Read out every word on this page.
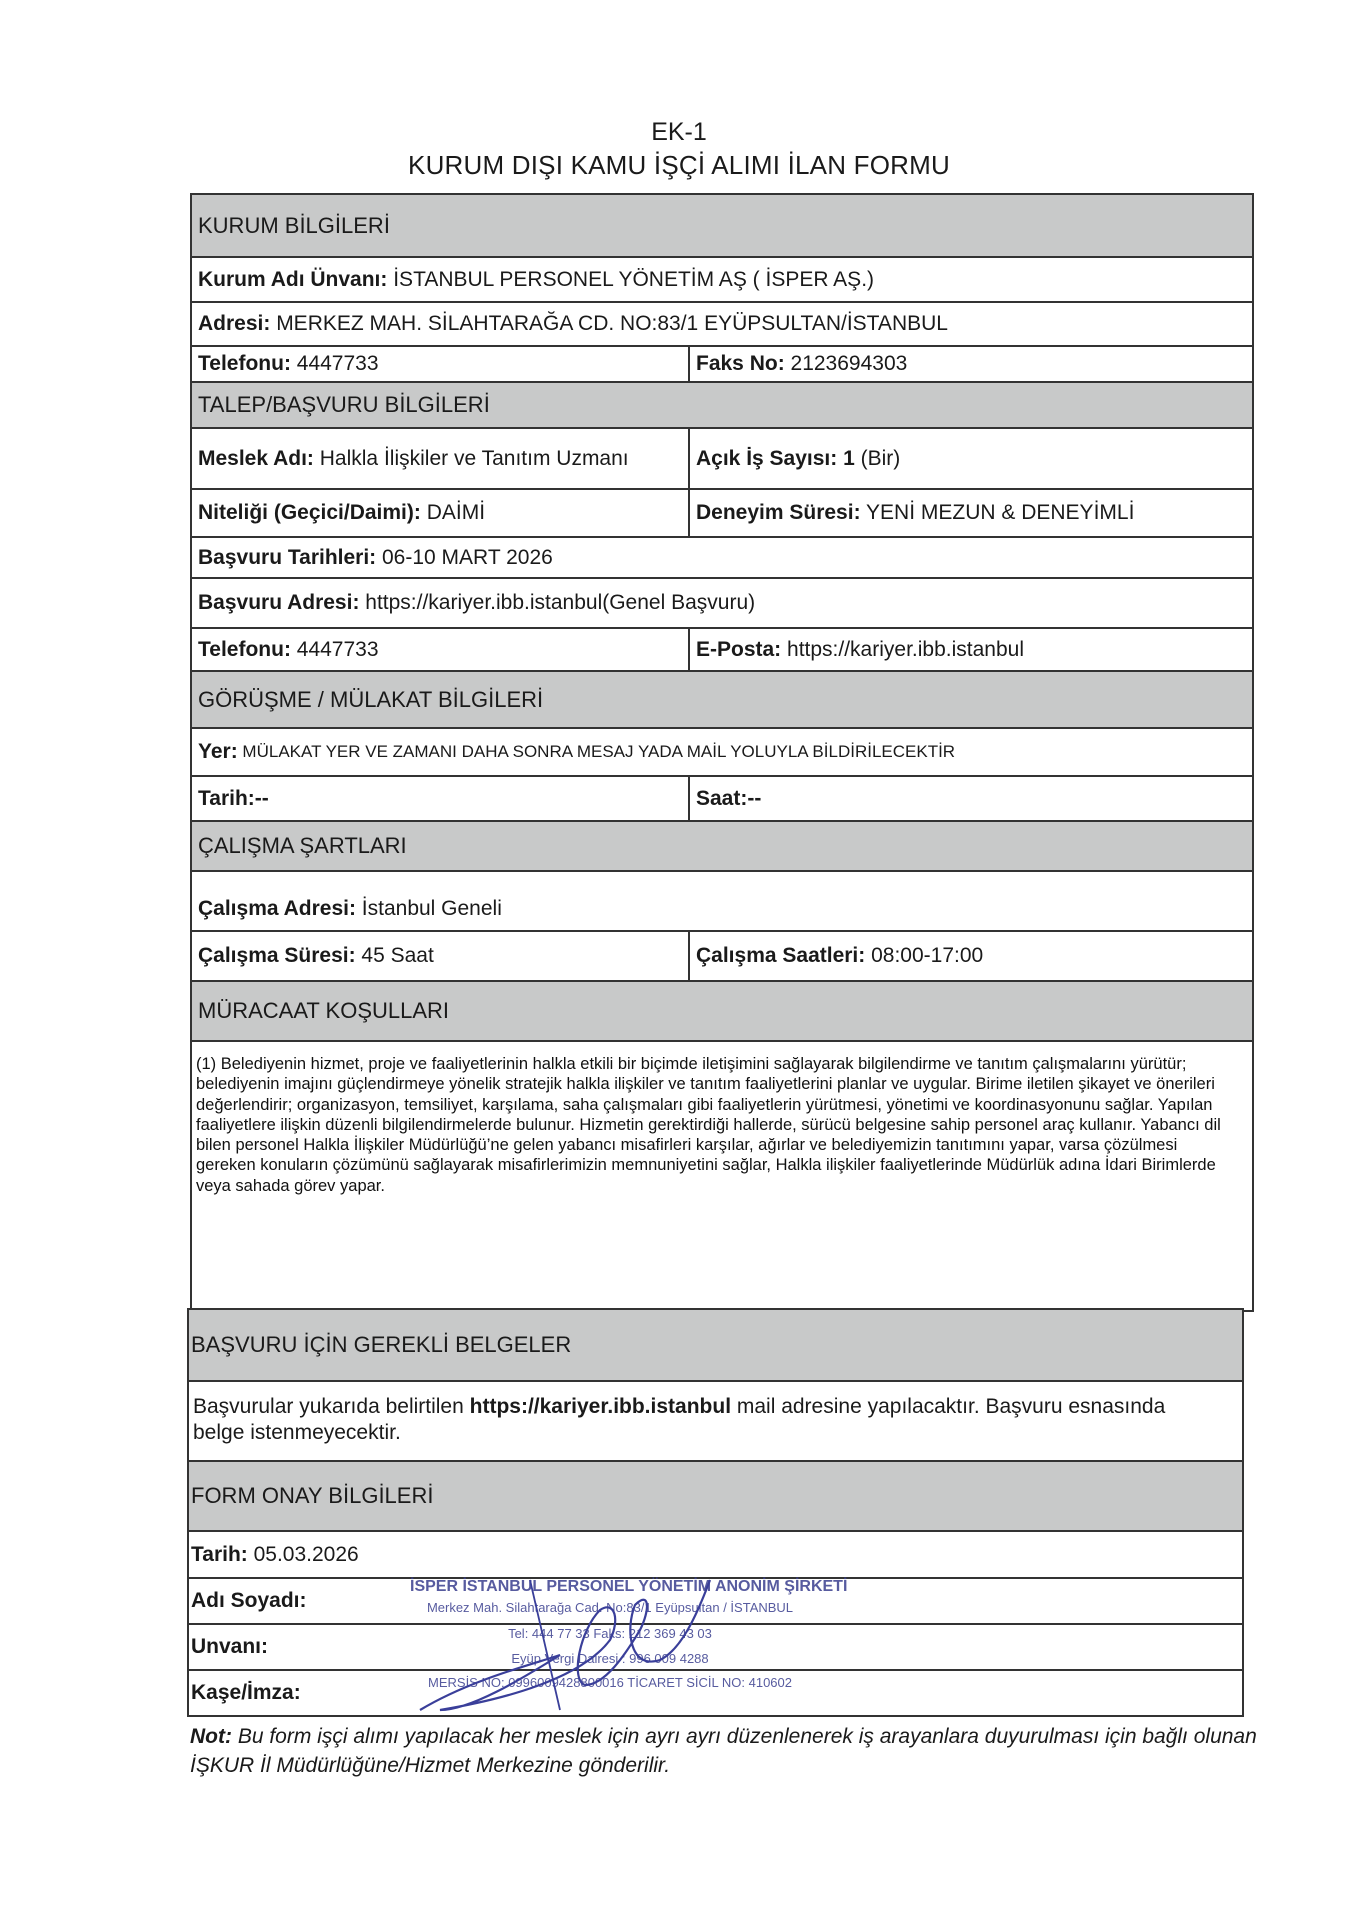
EK-1
KURUM DIŞI KAMU İŞÇİ ALIMI İLAN FORMU
KURUM BİLGİLERİ
Kurum Adı Ünvanı: İSTANBUL PERSONEL YÖNETİM AŞ ( İSPER AŞ.)
Adresi: MERKEZ MAH. SİLAHTARAĞA CD. NO:83/1 EYÜPSULTAN/İSTANBUL
Telefonu: 4447733	Faks No: 2123694303
TALEP/BAŞVURU BİLGİLERİ
Meslek Adı: Halkla İlişkiler ve Tanıtım Uzmanı	Açık İş Sayısı: 1 (Bir)
Niteliği (Geçici/Daimi): DAİMİ	Deneyim Süresi: YENİ MEZUN & DENEYİMLİ
Başvuru Tarihleri: 06-10 MART 2026
Başvuru Adresi: https://kariyer.ibb.istanbul(Genel Başvuru)
Telefonu: 4447733	E-Posta: https://kariyer.ibb.istanbul
GÖRÜŞME / MÜLAKAT BİLGİLERİ
Yer: MÜLAKAT YER VE ZAMANI DAHA SONRA MESAJ YADA MAİL YOLUYLA BİLDİRİLECEKTİR
Tarih:--	Saat:--
ÇALIŞMA ŞARTLARI
Çalışma Adresi: İstanbul Geneli
Çalışma Süresi: 45 Saat	Çalışma Saatleri: 08:00-17:00
MÜRACAAT KOŞULLARI
(1) Belediyenin hizmet, proje ve faaliyetlerinin halkla etkili bir biçimde iletişimini sağlayarak bilgilendirme ve tanıtım çalışmalarını yürütür; belediyenin imajını güçlendirmeye yönelik stratejik halkla ilişkiler ve tanıtım faaliyetlerini planlar ve uygular. Birime iletilen şikayet ve önerileri değerlendirir; organizasyon, temsiliyet, karşılama, saha çalışmaları gibi faaliyetlerin yürütmesi, yönetimi ve koordinasyonunu sağlar. Yapılan faaliyetlere ilişkin düzenli bilgilendirmelerde bulunur. Hizmetin gerektirdiği hallerde, sürücü belgesine sahip personel araç kullanır. Yabancı dil bilen personel Halkla İlişkiler Müdürlüğü’ne gelen yabancı misafirleri karşılar, ağırlar ve belediyemizin tanıtımını yapar, varsa çözülmesi gereken konuların çözümünü sağlayarak misafirlerimizin memnuniyetini sağlar, Halkla ilişkiler faaliyetlerinde Müdürlük adına İdari Birimlerde veya sahada görev yapar.
BAŞVURU İÇİN GEREKLİ BELGELER
Başvurular yukarıda belirtilen https://kariyer.ibb.istanbul mail adresine yapılacaktır. Başvuru esnasında belge istenmeyecektir.
FORM ONAY BİLGİLERİ
Tarih: 05.03.2026
Adı Soyadı:
Unvanı:
Kaşe/İmza:
İSPER İSTANBUL PERSONEL YÖNETİM ANONİM ŞİRKETİ
Merkez Mah. Silahtarağa Cad. No:83/1 Eyüpsultan / İSTANBUL
Tel: 444 77 33 Faks: 212 369 43 03
Eyüp Vergi Dairesi : 996 009 4288
MERSİS NO: 0996009428800016 TİCARET SİCİL NO: 410602
Not: Bu form işçi alımı yapılacak her meslek için ayrı ayrı düzenlenerek iş arayanlara duyurulması için bağlı olunan İŞKUR İl Müdürlüğüne/Hizmet Merkezine gönderilir.
